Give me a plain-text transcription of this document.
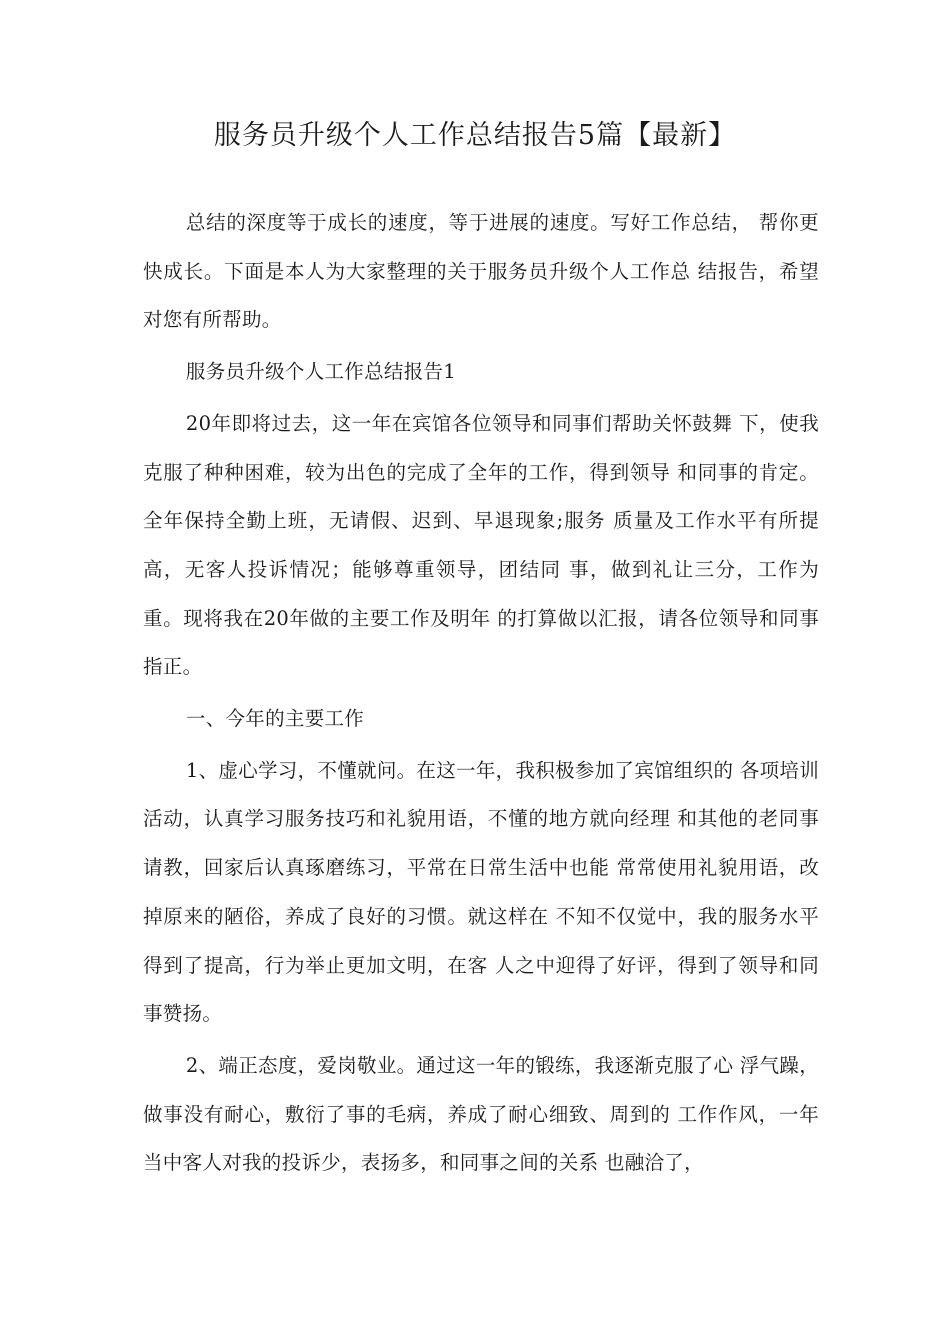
服务员升级个人工作总结报告5篇【最新】

总结的深度等于成长的速度，等于进展的速度。写好工作总结， 帮你更快成长。下面是本人为大家整理的关于服务员升级个人工作总 结报告，希望对您有所帮助。

服务员升级个人工作总结报告1

20年即将过去，这一年在宾馆各位领导和同事们帮助关怀鼓舞 下，使我克服了种种困难，较为出色的完成了全年的工作，得到领导 和同事的肯定。全年保持全勤上班，无请假、迟到、早退现象;服务 质量及工作水平有所提高，无客人投诉情况；能够尊重领导，团结同 事，做到礼让三分，工作为重。现将我在20年做的主要工作及明年 的打算做以汇报，请各位领导和同事指正。

一、今年的主要工作

1、虚心学习，不懂就问。在这一年，我积极参加了宾馆组织的 各项培训活动，认真学习服务技巧和礼貌用语，不懂的地方就向经理 和其他的老同事请教，回家后认真琢磨练习，平常在日常生活中也能 常常使用礼貌用语，改掉原来的陋俗，养成了良好的习惯。就这样在 不知不仅觉中，我的服务水平得到了提高，行为举止更加文明，在客 人之中迎得了好评，得到了领导和同事赞扬。

2、端正态度，爱岗敬业。通过这一年的锻练，我逐渐克服了心 浮气躁，做事没有耐心，敷衍了事的毛病，养成了耐心细致、周到的 工作作风，一年当中客人对我的投诉少，表扬多，和同事之间的关系 也融洽了，
